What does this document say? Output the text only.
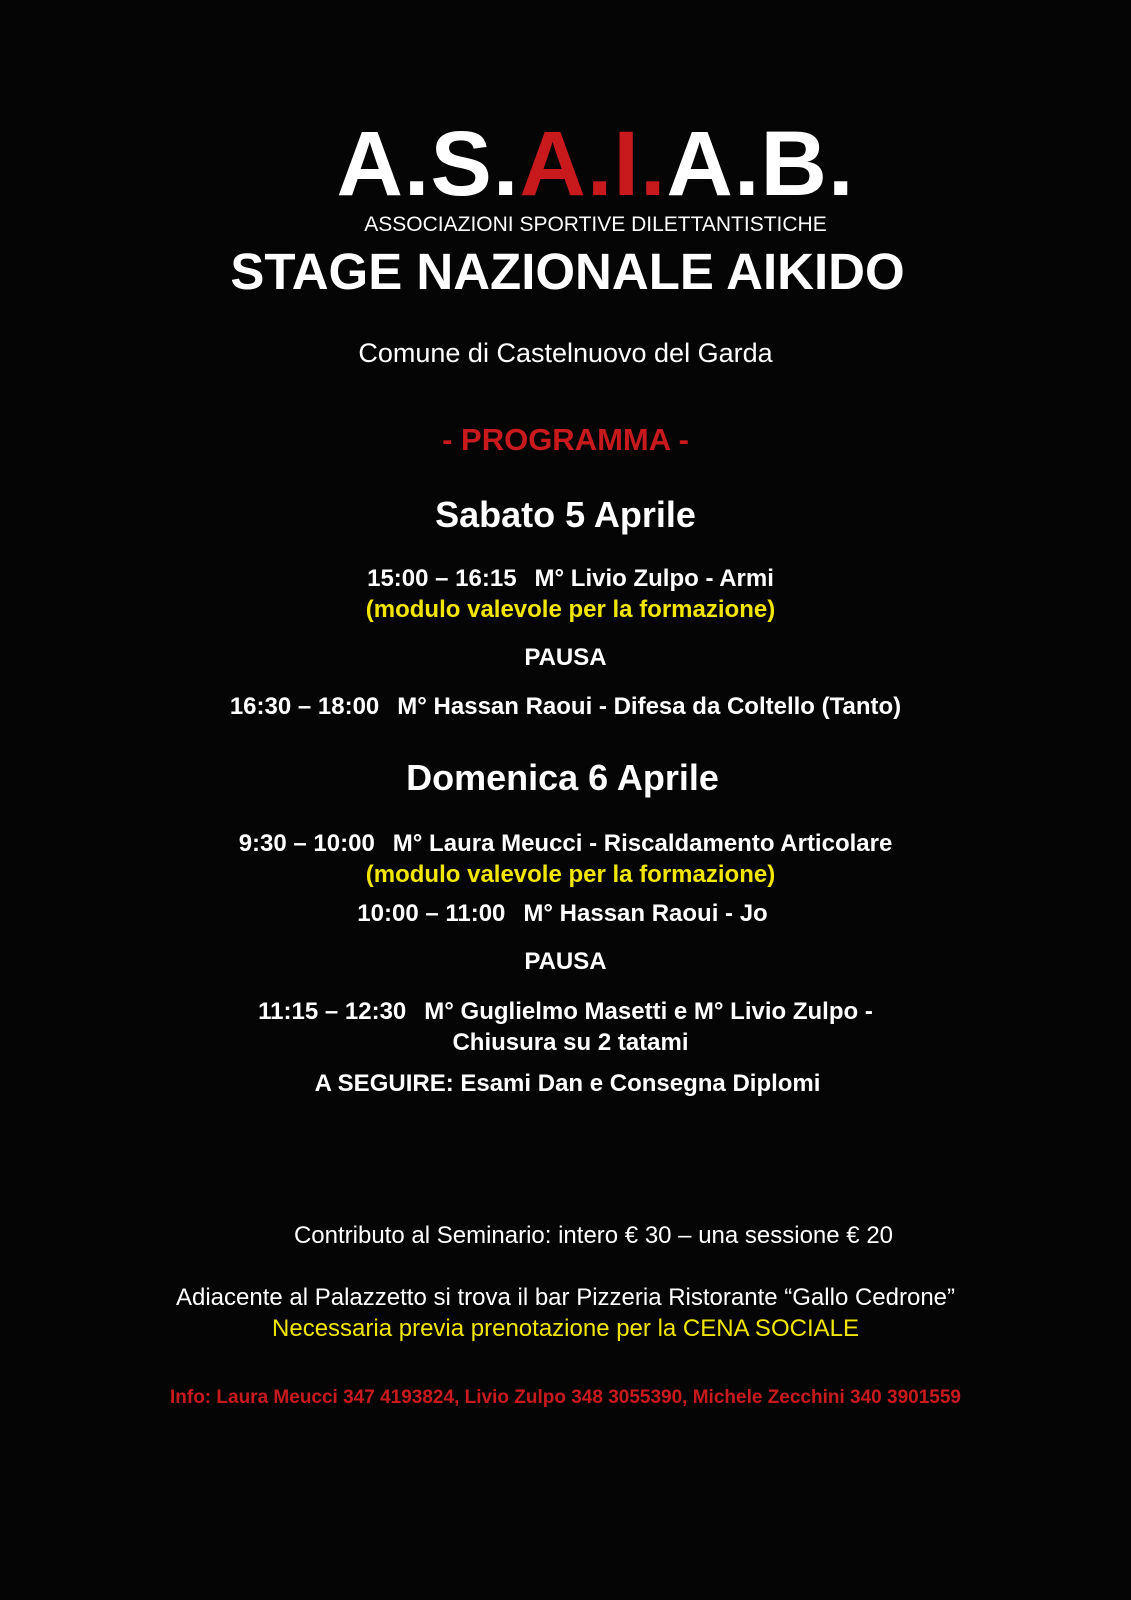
A.S.A.I.A.B.
ASSOCIAZIONI SPORTIVE DILETTANTISTICHE
STAGE NAZIONALE AIKIDO
Comune di Castelnuovo del Garda
- PROGRAMMA -
Sabato 5 Aprile
15:00 – 16:15 M° Livio Zulpo - Armi
(modulo valevole per la formazione)
PAUSA
16:30 – 18:00 M° Hassan Raoui - Difesa da Coltello (Tanto)
Domenica 6 Aprile
9:30 – 10:00 M° Laura Meucci - Riscaldamento Articolare
(modulo valevole per la formazione)
10:00 – 11:00 M° Hassan Raoui - Jo
PAUSA
11:15 – 12:30 M° Guglielmo Masetti e M° Livio Zulpo -
Chiusura su 2 tatami
A SEGUIRE: Esami Dan e Consegna Diplomi
Contributo al Seminario: intero € 30 – una sessione € 20
Adiacente al Palazzetto si trova il bar Pizzeria Ristorante “Gallo Cedrone”
Necessaria previa prenotazione per la CENA SOCIALE
Info: Laura Meucci 347 4193824, Livio Zulpo 348 3055390, Michele Zecchini 340 3901559
